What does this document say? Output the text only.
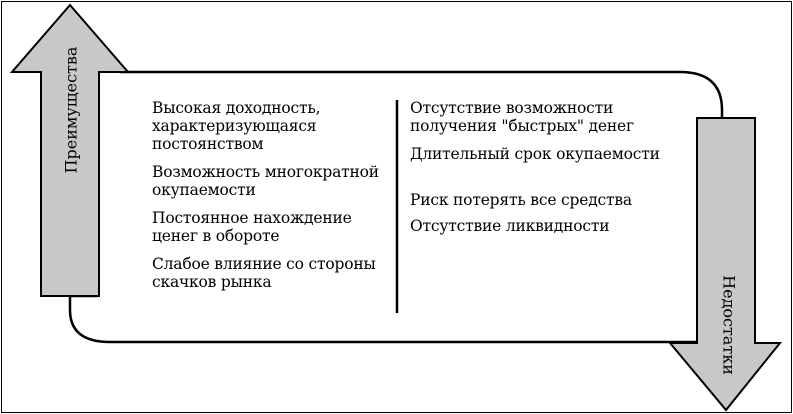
Преимущества
Недостатки
Высокая доходность, характеризующаяся постоянством
Возможность многократной окупаемости
Постоянное нахождение ценег в обороте
Слабое влияние со стороны скачков рынка
Отсутствие возможности получения "быстрых" денег
Длительный срок окупаемости
Риск потерять все средства
Отсутствие ликвидности
